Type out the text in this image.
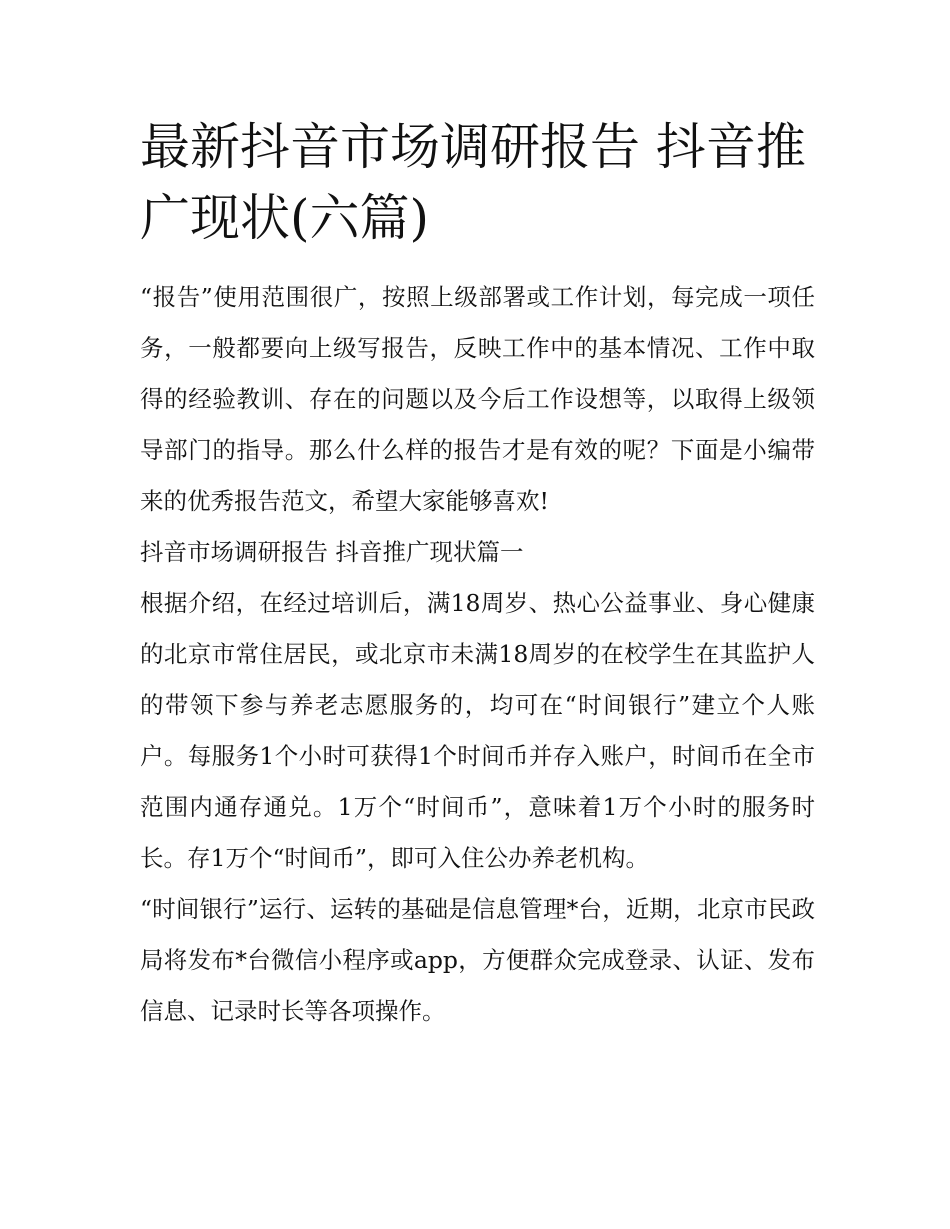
最新抖音市场调研报告 抖音推广现状(六篇)

“报告”使用范围很广，按照上级部署或工作计划，每完成一项任务，一般都要向上级写报告，反映工作中的基本情况、工作中取得的经验教训、存在的问题以及今后工作设想等，以取得上级领导部门的指导。那么什么样的报告才是有效的呢？下面是小编带来的优秀报告范文，希望大家能够喜欢!

抖音市场调研报告 抖音推广现状篇一

根据介绍，在经过培训后，满18周岁、热心公益事业、身心健康的北京市常住居民，或北京市未满18周岁的在校学生在其监护人的带领下参与养老志愿服务的，均可在“时间银行”建立个人账户。每服务1个小时可获得1个时间币并存入账户，时间币在全市范围内通存通兑。1万个“时间币”，意味着1万个小时的服务时长。存1万个“时间币”，即可入住公办养老机构。

“时间银行”运行、运转的基础是信息管理*台，近期，北京市民政局将发布*台微信小程序或app，方便群众完成登录、认证、发布信息、记录时长等各项操作。
